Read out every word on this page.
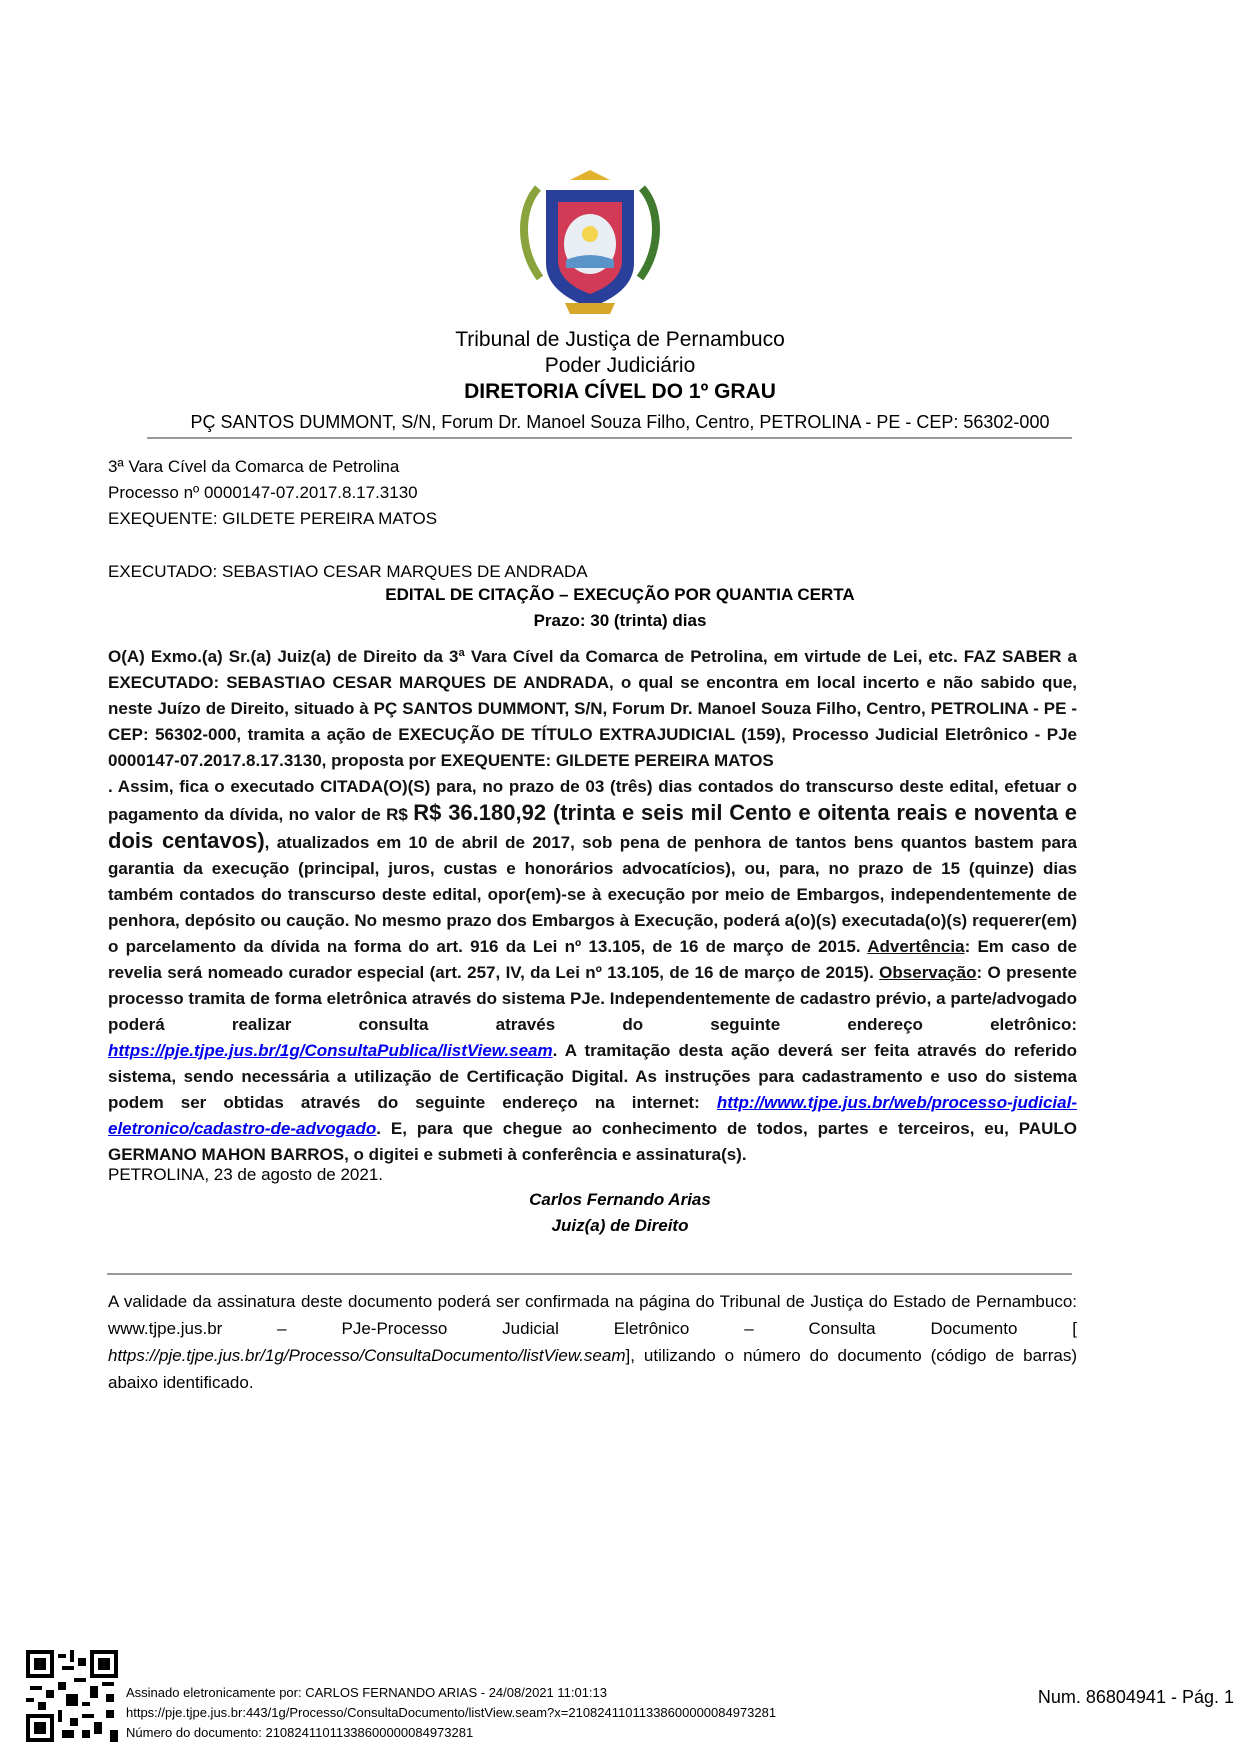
Tribunal de Justiça de Pernambuco
Poder Judiciário
DIRETORIA CÍVEL DO 1º GRAU
PÇ SANTOS DUMMONT, S/N, Forum Dr. Manoel Souza Filho, Centro, PETROLINA - PE - CEP: 56302-000
3ª Vara Cível da Comarca de Petrolina
Processo nº 0000147-07.2017.8.17.3130
EXEQUENTE: GILDETE PEREIRA MATOS
EXECUTADO: SEBASTIAO CESAR MARQUES DE ANDRADA
EDITAL DE CITAÇÃO – EXECUÇÃO POR QUANTIA CERTA
Prazo: 30 (trinta) dias
O(A) Exmo.(a) Sr.(a) Juiz(a) de Direito da 3ª Vara Cível da Comarca de Petrolina, em virtude de Lei, etc. FAZ SABER a EXECUTADO: SEBASTIAO CESAR MARQUES DE ANDRADA, o qual se encontra em local incerto e não sabido que, neste Juízo de Direito, situado à PÇ SANTOS DUMMONT, S/N, Forum Dr. Manoel Souza Filho, Centro, PETROLINA - PE - CEP: 56302-000, tramita a ação de EXECUÇÃO DE TÍTULO EXTRAJUDICIAL (159), Processo Judicial Eletrônico - PJe 0000147-07.2017.8.17.3130, proposta por EXEQUENTE: GILDETE PEREIRA MATOS
. Assim, fica o executado CITADA(O)(S) para, no prazo de 03 (três) dias contados do transcurso deste edital, efetuar o pagamento da dívida, no valor de R$ R$ 36.180,92 (trinta e seis mil Cento e oitenta reais e noventa e dois centavos), atualizados em 10 de abril de 2017, sob pena de penhora de tantos bens quantos bastem para garantia da execução (principal, juros, custas e honorários advocatícios), ou, para, no prazo de 15 (quinze) dias também contados do transcurso deste edital, opor(em)-se à execução por meio de Embargos, independentemente de penhora, depósito ou caução. No mesmo prazo dos Embargos à Execução, poderá a(o)(s) executada(o)(s) requerer(em) o parcelamento da dívida na forma do art. 916 da Lei nº 13.105, de 16 de março de 2015. Advertência: Em caso de revelia será nomeado curador especial (art. 257, IV, da Lei nº 13.105, de 16 de março de 2015). Observação: O presente processo tramita de forma eletrônica através do sistema PJe. Independentemente de cadastro prévio, a parte/advogado poderá realizar consulta através do seguinte endereço eletrônico: https://pje.tjpe.jus.br/1g/ConsultaPublica/listView.seam. A tramitação desta ação deverá ser feita através do referido sistema, sendo necessária a utilização de Certificação Digital. As instruções para cadastramento e uso do sistema podem ser obtidas através do seguinte endereço na internet: http://www.tjpe.jus.br/web/processo-judicial-eletronico/cadastro-de-advogado. E, para que chegue ao conhecimento de todos, partes e terceiros, eu, PAULO GERMANO MAHON BARROS, o digitei e submeti à conferência e assinatura(s).
PETROLINA, 23 de agosto de 2021.
Carlos Fernando Arias
Juiz(a) de Direito
A validade da assinatura deste documento poderá ser confirmada na página do Tribunal de Justiça do Estado de Pernambuco: www.tjpe.jus.br – PJe-Processo Judicial Eletrônico – Consulta Documento [ https://pje.tjpe.jus.br/1g/Processo/ConsultaDocumento/listView.seam], utilizando o número do documento (código de barras) abaixo identificado.
Assinado eletronicamente por: CARLOS FERNANDO ARIAS - 24/08/2021 11:01:13
https://pje.tjpe.jus.br:443/1g/Processo/ConsultaDocumento/listView.seam?x=21082411011338600000084973281
Número do documento: 21082411011338600000084973281
Num. 86804941 - Pág. 1
